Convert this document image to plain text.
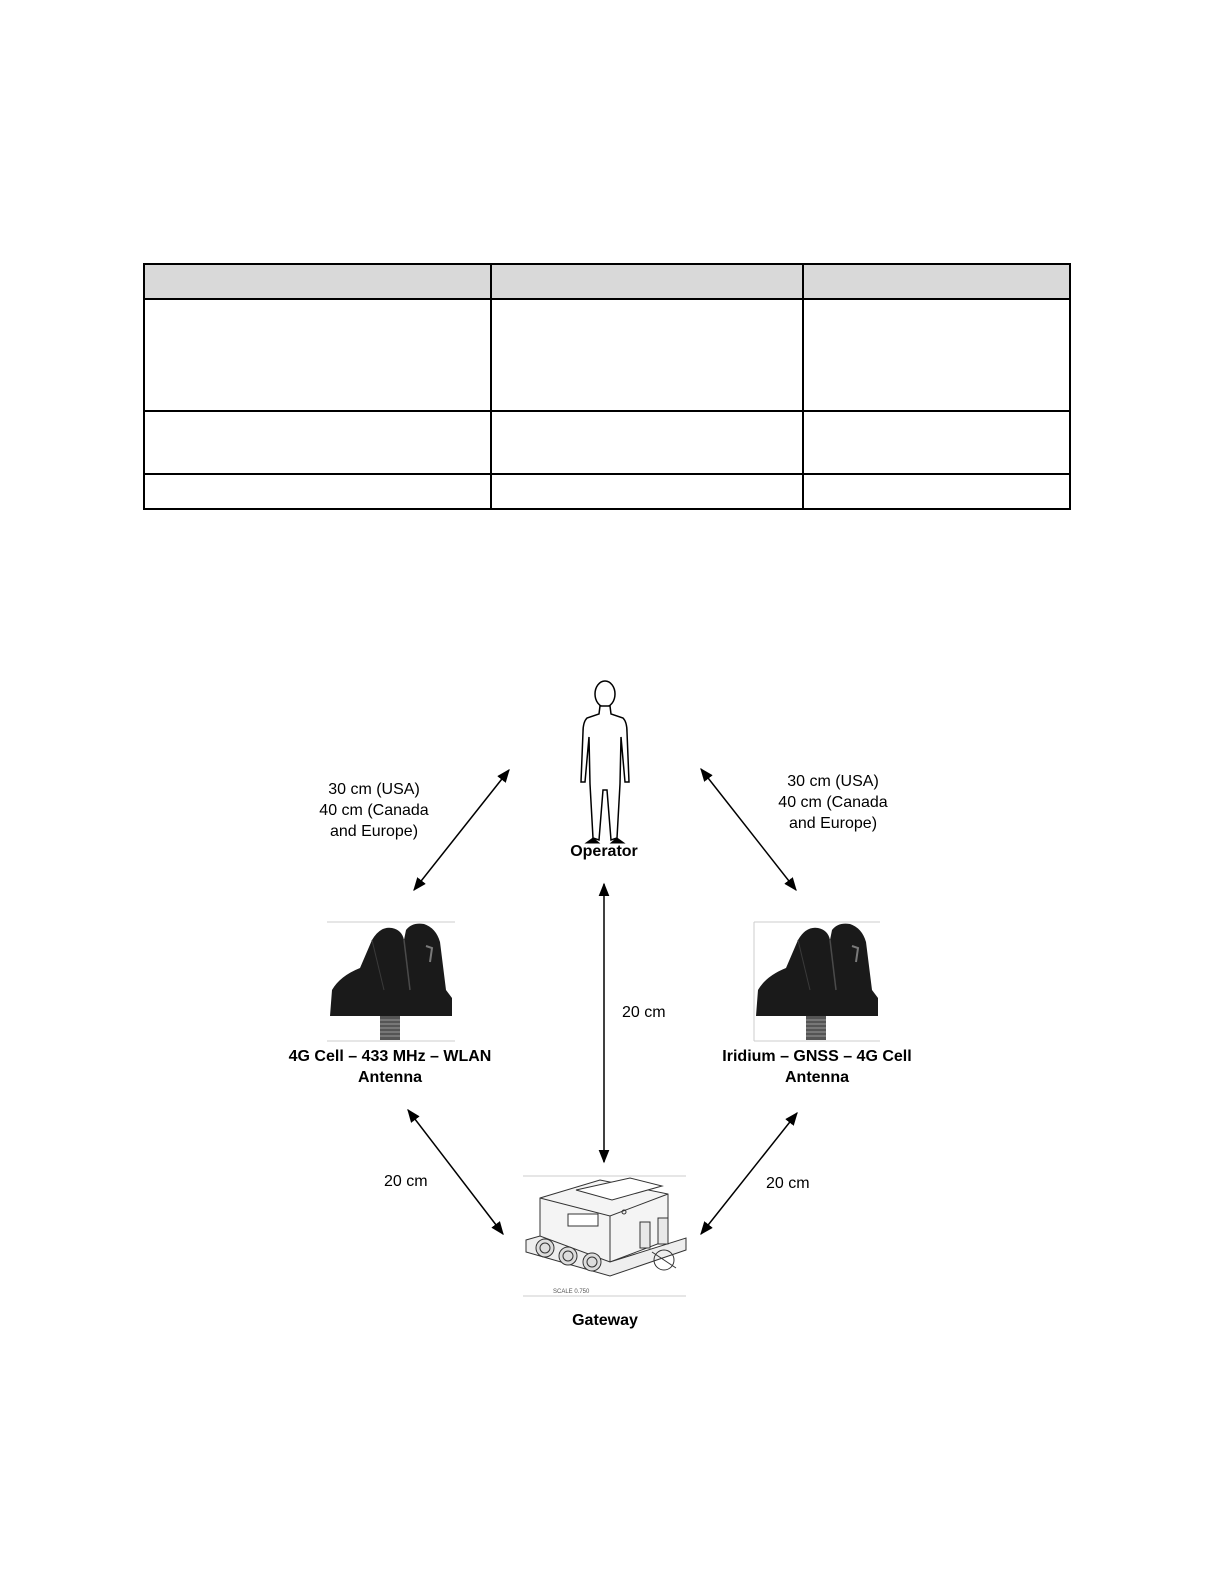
SCALE 0.750
Operator
4G Cell – 433 MHz – WLAN
Antenna
Iridium – GNSS – 4G Cell
Antenna
Gateway
30 cm (USA)
40 cm (Canada
and Europe)
30 cm (USA)
40 cm (Canada
and Europe)
20 cm
20 cm	20 cm
